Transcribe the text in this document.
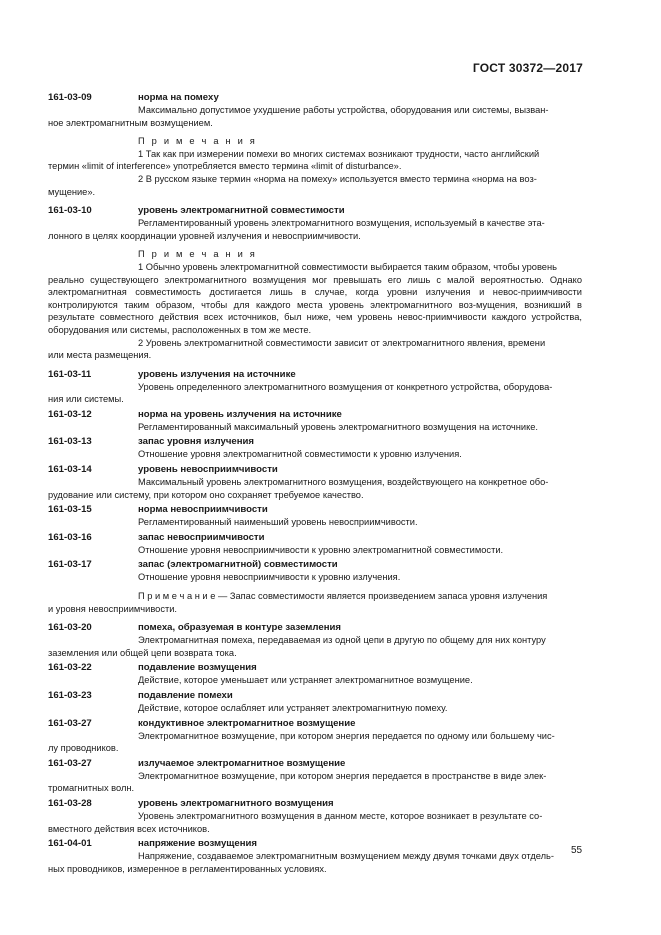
ГОСТ 30372—2017
161-03-09	норма на помеху

Максимально допустимое ухудшение работы устройства, оборудования или системы, вызван-

ное электромагнитным возмущением.

П р и м е ч а н и я

1 Так как при измерении помехи во многих системах возникают трудности, часто английский

термин «limit of interference» употребляется вместо термина «limit of disturbance».

2 В русском языке термин «норма на помеху» используется вместо термина «норма на воз-

мущение».

161-03-10	уровень электромагнитной совместимости

Регламентированный уровень электромагнитного возмущения, используемый в качестве эта-

лонного в целях координации уровней излучения и невосприимчивости.

П р и м е ч а н и я

1 Обычно уровень электромагнитной совместимости выбирается таким образом, чтобы уровень

реально существующего электромагнитного возмущения мог превышать его лишь с малой вероятностью. Однако электромагнитная совместимость достигается лишь в случае, когда уровни излучения и невос-приимчивости контролируются таким образом, чтобы для каждого места уровень электромагнитного воз-мущения, возникший в результате совместного действия всех источников, был ниже, чем уровень невос-приимчивости каждого устройства, оборудования или системы, расположенных в том же месте.

2 Уровень электромагнитной совместимости зависит от электромагнитного явления, времени

или места размещения.

161-03-11	уровень излучения на источнике

Уровень определенного электромагнитного возмущения от конкретного устройства, оборудова-

ния или системы.

161-03-12	норма на уровень излучения на источнике

Регламентированный максимальный уровень электромагнитного возмущения на источнике.

161-03-13	запас уровня излучения

Отношение уровня электромагнитной совместимости к уровню излучения.

161-03-14	уровень невосприимчивости

Максимальный уровень электромагнитного возмущения, воздействующего на конкретное обо-

рудование или систему, при котором оно сохраняет требуемое качество.

161-03-15	норма невосприимчивости

Регламентированный наименьший уровень невосприимчивости.

161-03-16	запас невосприимчивости

Отношение уровня невосприимчивости к уровню электромагнитной совместимости.

161-03-17	запас (электромагнитной) совместимости

Отношение уровня невосприимчивости к уровню излучения.

П р и м е ч а н и е — Запас совместимости является произведением запаса уровня излучения

и уровня невосприимчивости.

161-03-20	помеха, образуемая в контуре заземления

Электромагнитная помеха, передаваемая из одной цепи в другую по общему для них контуру

заземления или общей цепи возврата тока.

161-03-22	подавление возмущения

Действие, которое уменьшает или устраняет электромагнитное возмущение.

161-03-23	подавление помехи

Действие, которое ослабляет или устраняет электромагнитную помеху.

161-03-27	кондуктивное электромагнитное возмущение

Электромагнитное возмущение, при котором энергия передается по одному или большему чис-

лу проводников.

161-03-27	излучаемое электромагнитное возмущение

Электромагнитное возмущение, при котором энергия передается в пространстве в виде элек-

тромагнитных волн.

161-03-28	уровень электромагнитного возмущения

Уровень электромагнитного возмущения в данном месте, которое возникает в результате со-

вместного действия всех источников.

161-04-01	напряжение возмущения

Напряжение, создаваемое электромагнитным возмущением между двумя точками двух отдель-

ных проводников, измеренное в регламентированных условиях.

55
